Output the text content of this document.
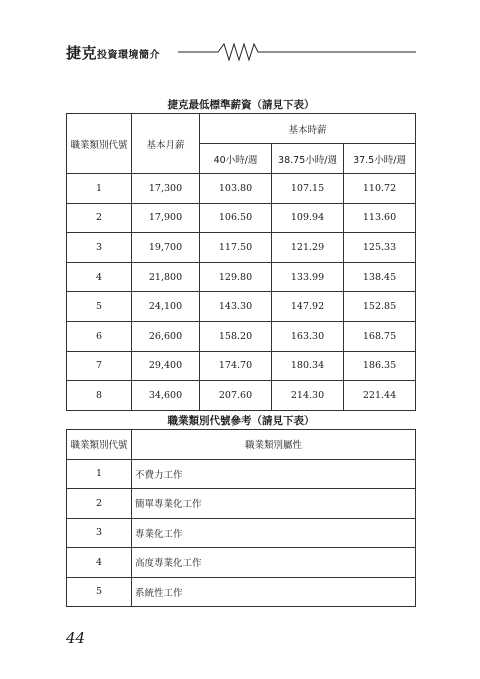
捷克投資環境簡介
捷克最低標準薪資（請見下表）
職業類別代號	基本月薪	基本時薪		
		40小時/週	38.75小時/週	37.5小時/週
1	17,300	103.80	107.15	110.72
2	17,900	106.50	109.94	113.60
3	19,700	117.50	121.29	125.33
4	21,800	129.80	133.99	138.45
5	24,100	143.30	147.92	152.85
6	26,600	158.20	163.30	168.75
7	29,400	174.70	180.34	186.35
8	34,600	207.60	214.30	221.44
職業類別代號參考（請見下表）
職業類別代號	職業類別屬性
1	不費力工作
2	簡單專業化工作
3	專業化工作
4	高度專業化工作
5	系統性工作
44
